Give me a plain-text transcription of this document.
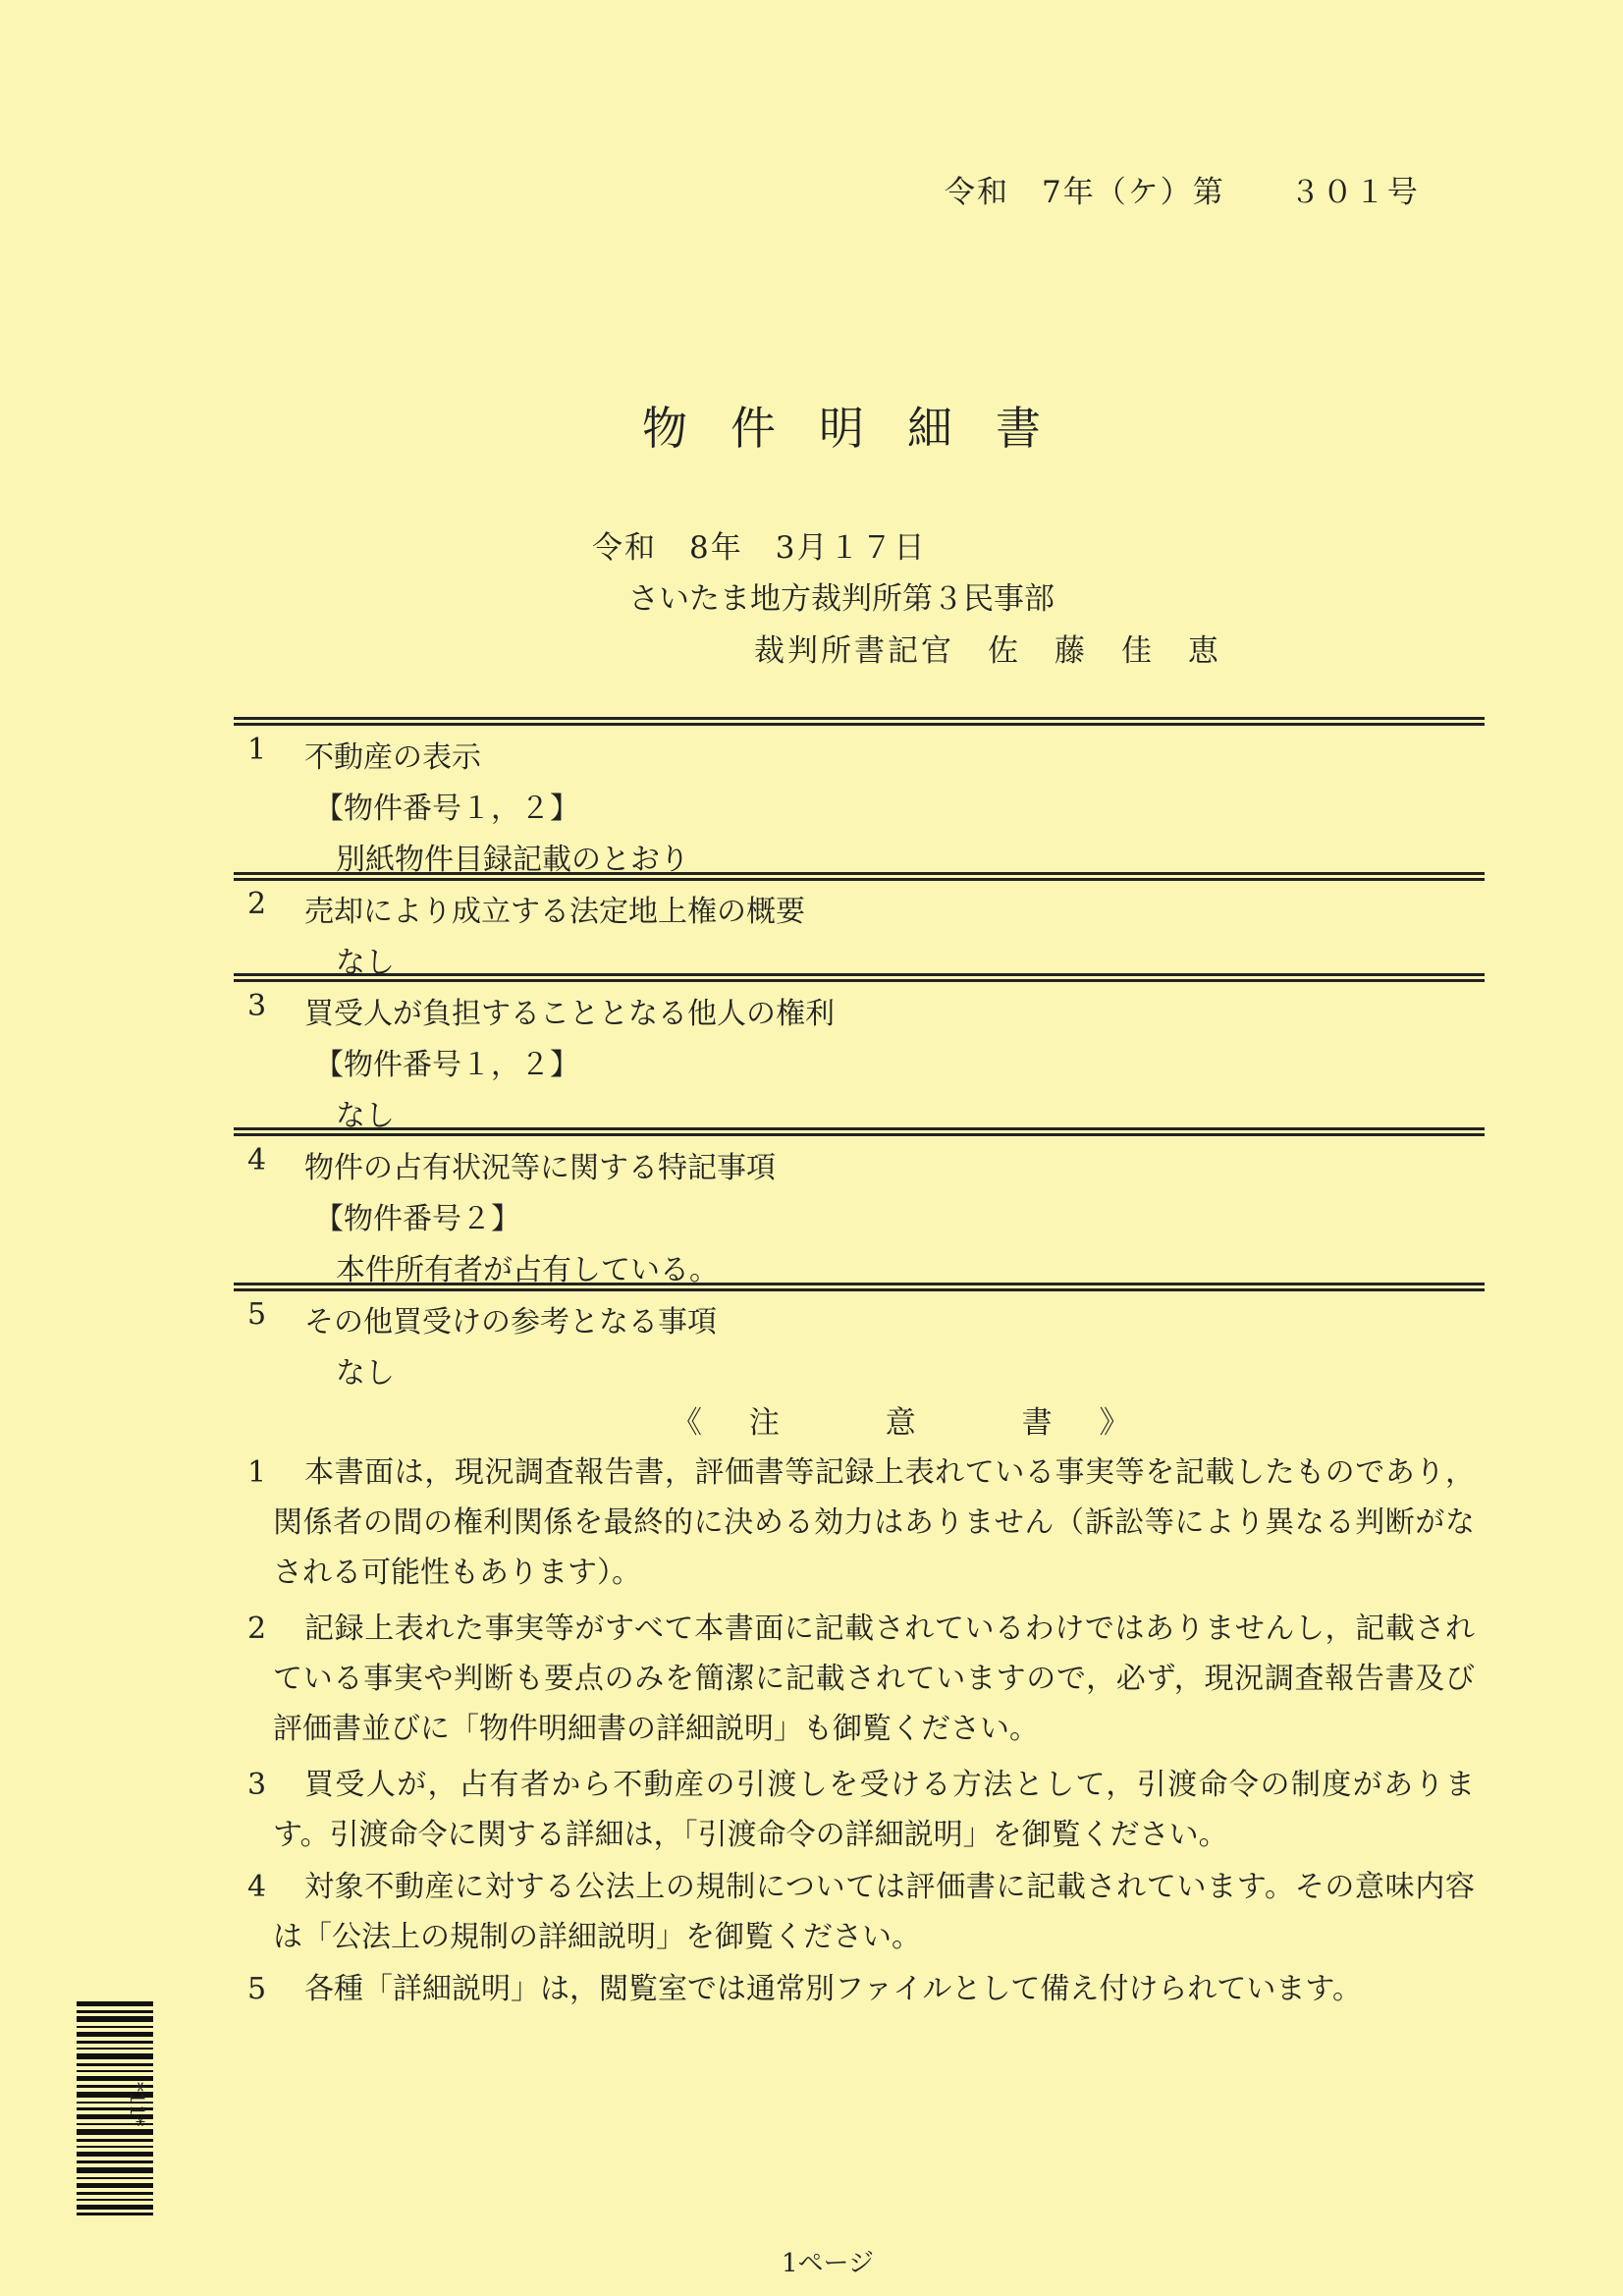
令和　7年（ケ）第　　３０１号
物件明細書
令和　8年　3月１７日
さいたま地方裁判所第３民事部
裁判所書記官　佐　藤　佳　恵
1 不動産の表示
【物件番号１，２】
別紙物件目録記載のとおり
2 売却により成立する法定地上権の概要
なし
3 買受人が負担することとなる他人の権利
【物件番号１，２】
なし
4 物件の占有状況等に関する特記事項
【物件番号２】
本件所有者が占有している。
5 その他買受けの参考となる事項
なし
《 注	意	書 》
1	本書面は，現況調査報告書，評価書等記録上表れている事実等を記載したものであり，関係者の間の権利関係を最終的に決める効力はありません（訴訟等により異なる判断がなされる可能性もあります）。
2	記録上表れた事実等がすべて本書面に記載されているわけではありませんし，記載されている事実や判断も要点のみを簡潔に記載されていますので，必ず，現況調査報告書及び評価書並びに「物件明細書の詳細説明」も御覧ください。
3	買受人が，占有者から不動産の引渡しを受ける方法として，引渡命令の制度があります。引渡命令に関する詳細は，「引渡命令の詳細説明」を御覧ください。
4	対象不動産に対する公法上の規制については評価書に記載されています。その意味内容は「公法上の規制の詳細説明」を御覧ください。
5	各種「詳細説明」は，閲覧室では通常別ファイルとして備え付けられています。
*11*
1ページ
